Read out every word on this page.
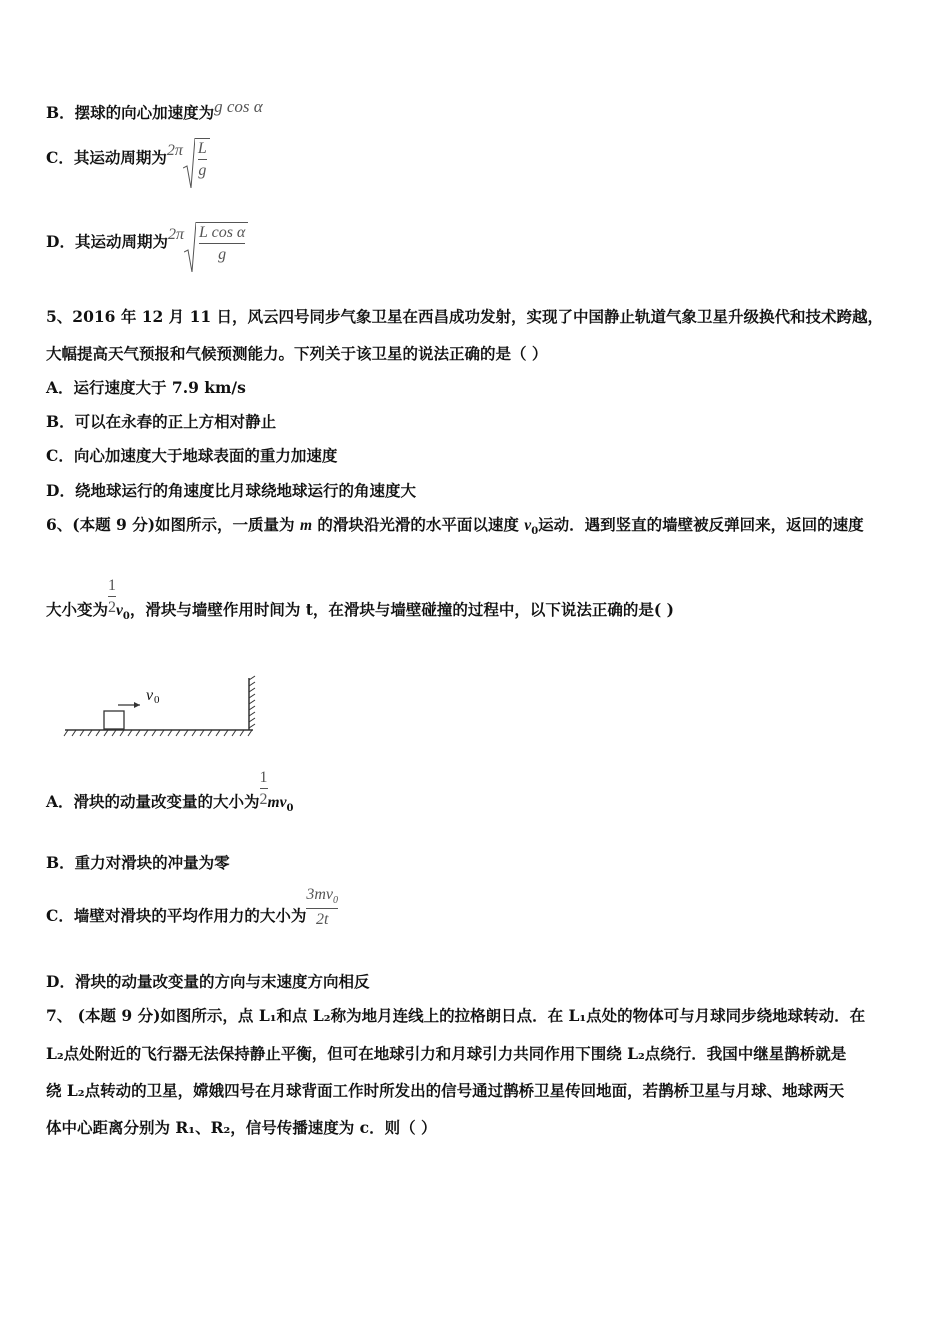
B．摆球的向心加速度为g cos α
C．其运动周期为$2\pi \frac{L}{g}$
D．其运动周期为$2\pi \frac{\text{L cos α}}{g}$
5、2016 年 12 月 11 日，风云四号同步气象卫星在西昌成功发射，实现了中国静止轨道气象卫星升级换代和技术跨越，
大幅提高天气预报和气候预测能力。下列关于该卫星的说法正确的是（ ）
A．运行速度大于 7.9 km/s
B．可以在永春的正上方相对静止
C．向心加速度大于地球表面的重力加速度
D．绕地球运行的角速度比月球绕地球运行的角速度大
6、(本题 9 分)如图所示，一质量为 m 的滑块沿光滑的水平面以速度 $v_0$运动．遇到竖直的墙壁被反弹回来，返回的速度
大小变为 $\frac{1}{2} v_0$，滑块与墙壁作用时间为 t，在滑块与墙壁碰撞的过程中，以下说法正确的是( )
v 0
A．滑块的动量改变量的大小为 $\frac{1}{2} mv_0$
B．重力对滑块的冲量为零
C．墙壁对滑块的平均作用力的大小为 $\frac{3mv_0}{2t}$
D．滑块的动量改变量的方向与末速度方向相反
7、 (本题 9 分)如图所示，点 L₁和点 L₂称为地月连线上的拉格朗日点．在 L₁点处的物体可与月球同步绕地球转动．在
L₂点处附近的飞行器无法保持静止平衡，但可在地球引力和月球引力共同作用下围绕 L₂点绕行．我国中继星鹊桥就是
绕 L₂点转动的卫星，嫦娥四号在月球背面工作时所发出的信号通过鹊桥卫星传回地面，若鹊桥卫星与月球、地球两天
体中心距离分别为 R₁、R₂，信号传播速度为 c．则（ ）
